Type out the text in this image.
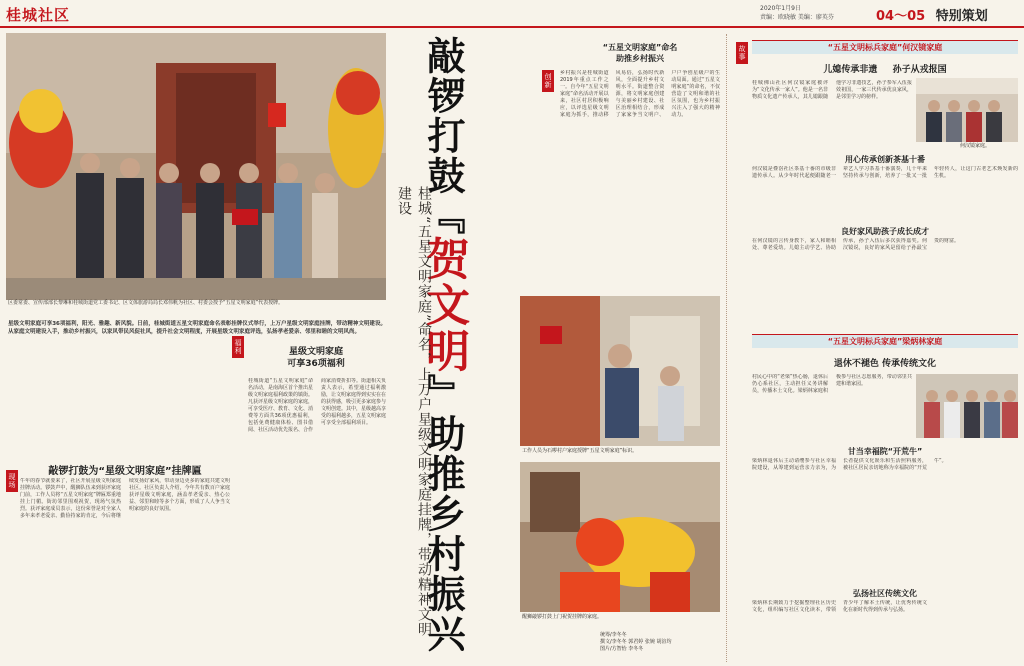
桂城社区	2020年1月9日
责编：欧晓敏 美编：廖英芬	04～05 特别策划
区委常委、宣传部部长黎琳和桂城街道党工委书记、区文体旅游局局长邓伟帆为社区、村委会授予“五星文明家庭”代表授牌。
星级文明家庭可享36项福利，阳光、雅趣、新风貌。日前，桂城街道五星文明家庭命名表彰挂牌仪式举行，上万户星级文明家庭挂牌，带动精神文明建设。从家庭文明建设入手，推动乡村振兴，以家风带民风促社风，提升社会文明程度，开展星级文明家庭评选，弘扬孝老爱亲、邻里和睦的文明风尚。
现场
敲锣打鼓为“星级文明家庭”挂牌匾
牛年的春节就要来了，社区开展星级文明家庭挂牌活动。锣鼓声中，醒狮队伍来到获评家庭门前，工作人员将“五星文明家庭”牌匾郑重地挂上门楣。街坊邻里围观祝贺，现场气氛热烈。获评家庭成员表示，这份荣誉是对全家人多年来孝老爱亲、勤俭持家的肯定，今后将继续发扬好家风，带动身边更多的家庭共建文明社区。社区负责人介绍，今年共有数百户家庭获评星级文明家庭，涵盖孝老爱亲、热心公益、邻里和睦等多个方面，形成了人人争当文明家庭的良好氛围。
福利	星级文明家庭
可享36项福利
桂城街道“五星文明家庭”命名活动，是南海区首个推出星级文明家庭福利政策的镇街。凡获评星级文明家庭的家庭，可享受医疗、教育、文化、消费等方面共36项优惠福利，包括免费健康体检、图书借阅、社区活动优先报名、合作商家消费折扣等。街道相关负责人表示，希望通过福利激励，让文明家庭得到实实在在的获得感，吸引更多家庭参与文明创建。其中，星级越高享受的福利越多，五星文明家庭可享受全部福利项目。
敲锣打鼓『贺文明』助推乡村振兴
桂城“五星文明家庭”命名，上万户星级文明家庭挂牌，带动精神文明建设
创新
“五星文明家庭”命名
助推乡村振兴
乡村振兴是桂城街道2019年重点工作之一。自今年“五星文明家庭”命名活动开展以来，社区村居积极响应，以评选星级文明家庭为抓手，推动移风易俗，弘扬时代新风，全面提升乡村文明水平。街道整合资源，将文明家庭创建与美丽乡村建设、社区治理相结合，形成了家家争当文明户、户户争创星级户的生动局面。通过“五星文明家庭”的命名，不仅营造了文明和谐的社区氛围，也为乡村振兴注入了强大的精神动力。
工作人员为石啰村户家庭授牌“五星文明家庭”标识。
醒狮敲锣打鼓上门祝贺挂牌的家庭。
统筹/李冬冬
撰文/李冬冬 郭君婷 张婉 胡渲均
图片/方智怡 李冬冬
故事
“五星文明标兵家庭”何汉镜家庭
儿媳传承非遗 孙子从戎报国
桂城佛山社区何汉镜家庭被评为“文化传承一家人”。他是一名非物质文化遗产传承人，其儿媳跟随他学习非遗技艺，孙子参军入伍报效祖国，一家三代传承优良家风，是邻里学习的榜样。
何汉镜家庭。
用心传承创新茶基十番
何汉镜是叠滘社区茶基十番的市级非遗传承人。从少年时代起便跟随老一辈艺人学习茶基十番演奏，几十年来坚持传承与创新，培养了一批又一批年轻传人，让这门古老艺术焕发新的生机。
良好家风助孩子成长成才
在何汉镜的言传身教下，家人和睦相处、尊老爱幼。儿媳主动学艺、协助传承，孙子入伍后多次获得嘉奖。何汉镜说，良好的家风是留给子孙最宝贵的财富。
“五星文明标兵家庭”梁炳林家庭
退休不褪色 传承传统文化
村民心中的“老梁”热心肠，退休后仍心系社区，主动担任义务讲解员，传播本土文化。梁炳林家庭积极参与社区志愿服务，带动邻里共建和谐家园。
甘当幸福院“开荒牛”
梁炳林退休后主动请缨参与社区幸福院建设，从筹建到运营亲力亲为，为长者提供文化娱乐和生活照料服务，被社区居民亲切地称为幸福院的“开荒牛”。
弘扬社区传统文化
梁炳林长期致力于挖掘整理社区历史文化，组织编写社区文化读本，带领青少年了解本土传统，让优秀传统文化在新时代得到传承与弘扬。
